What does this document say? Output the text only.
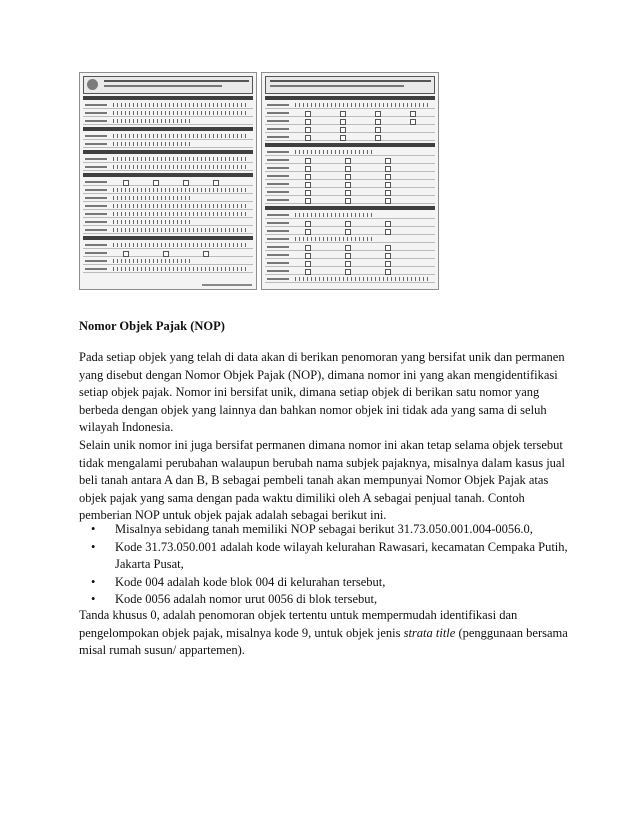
Nomor Objek Pajak (NOP)

Pada setiap objek yang telah di data akan di berikan penomoran yang bersifat unik dan permanen yang disebut dengan Nomor Objek Pajak (NOP), dimana nomor ini yang akan mengidentifikasi setiap objek pajak. Nomor ini bersifat unik, dimana setiap objek di berikan satu nomor yang berbeda dengan objek yang lainnya dan bahkan nomor objek ini tidak ada yang sama di seluh wilayah Indonesia.

Selain unik nomor ini juga bersifat permanen dimana nomor ini akan tetap selama objek tersebut tidak mengalami perubahan walaupun berubah nama subjek pajaknya, misalnya dalam kasus jual beli tanah antara A dan B, B sebagai pembeli tanah akan mempunyai Nomor Objek Pajak atas objek pajak yang sama dengan pada waktu dimiliki oleh A sebagai penjual tanah. Contoh pemberian NOP untuk objek pajak adalah sebagai berikut ini.

• Misalnya sebidang tanah memiliki NOP sebagai berikut 31.73.050.001.004-0056.0,
• Kode 31.73.050.001 adalah kode wilayah kelurahan Rawasari, kecamatan Cempaka Putih, Jakarta Pusat,
• Kode 004 adalah kode blok 004 di kelurahan tersebut,
• Kode 0056 adalah nomor urut 0056 di blok tersebut,

Tanda khusus 0, adalah penomoran objek tertentu untuk mempermudah identifikasi dan pengelompokan objek pajak, misalnya kode 9, untuk objek jenis strata title (penggunaan bersama misal rumah susun/ appartemen).
